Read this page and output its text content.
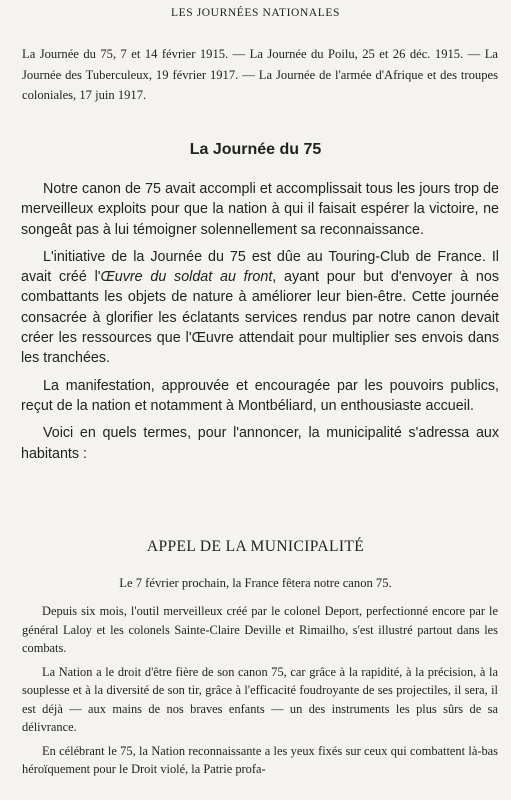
LES JOURNÉES NATIONALES
La Journée du 75, 7 et 14 février 1915. — La Journée du Poilu, 25 et 26 déc. 1915. — La Journée des Tuberculeux, 19 février 1917. — La Journée de l'armée d'Afrique et des troupes coloniales, 17 juin 1917.
La Journée du 75

Notre canon de 75 avait accompli et accomplissait tous les jours trop de merveilleux exploits pour que la nation à qui il faisait espérer la victoire, ne songeât pas à lui témoigner solennellement sa reconnaissance.

L'initiative de la Journée du 75 est dûe au Touring-Club de France. Il avait créé l'Œuvre du soldat au front, ayant pour but d'envoyer à nos combattants les objets de nature à améliorer leur bien-être. Cette journée consacrée à glorifier les éclatants services rendus par notre canon devait créer les ressources que l'Œuvre attendait pour multiplier ses envois dans les tranchées.

La manifestation, approuvée et encouragée par les pouvoirs publics, reçut de la nation et notamment à Montbéliard, un enthousiaste accueil.

Voici en quels termes, pour l'annoncer, la municipalité s'adressa aux habitants :

APPEL DE LA MUNICIPALITÉ
Le 7 février prochain, la France fêtera notre canon 75.

Depuis six mois, l'outil merveilleux créé par le colonel Deport, perfectionné encore par le général Laloy et les colonels Sainte-Claire Deville et Rimailho, s'est illustré partout dans les combats.

La Nation a le droit d'être fière de son canon 75, car grâce à la rapidité, à la précision, à la souplesse et à la diversité de son tir, grâce à l'efficacité foudroyante de ses projectiles, il sera, il est déjà — aux mains de nos braves enfants — un des instruments les plus sûrs de sa délivrance.

En célébrant le 75, la Nation reconnaissante a les yeux fixés sur ceux qui combattent là-bas héroïquement pour le Droit violé, la Patrie profa-
